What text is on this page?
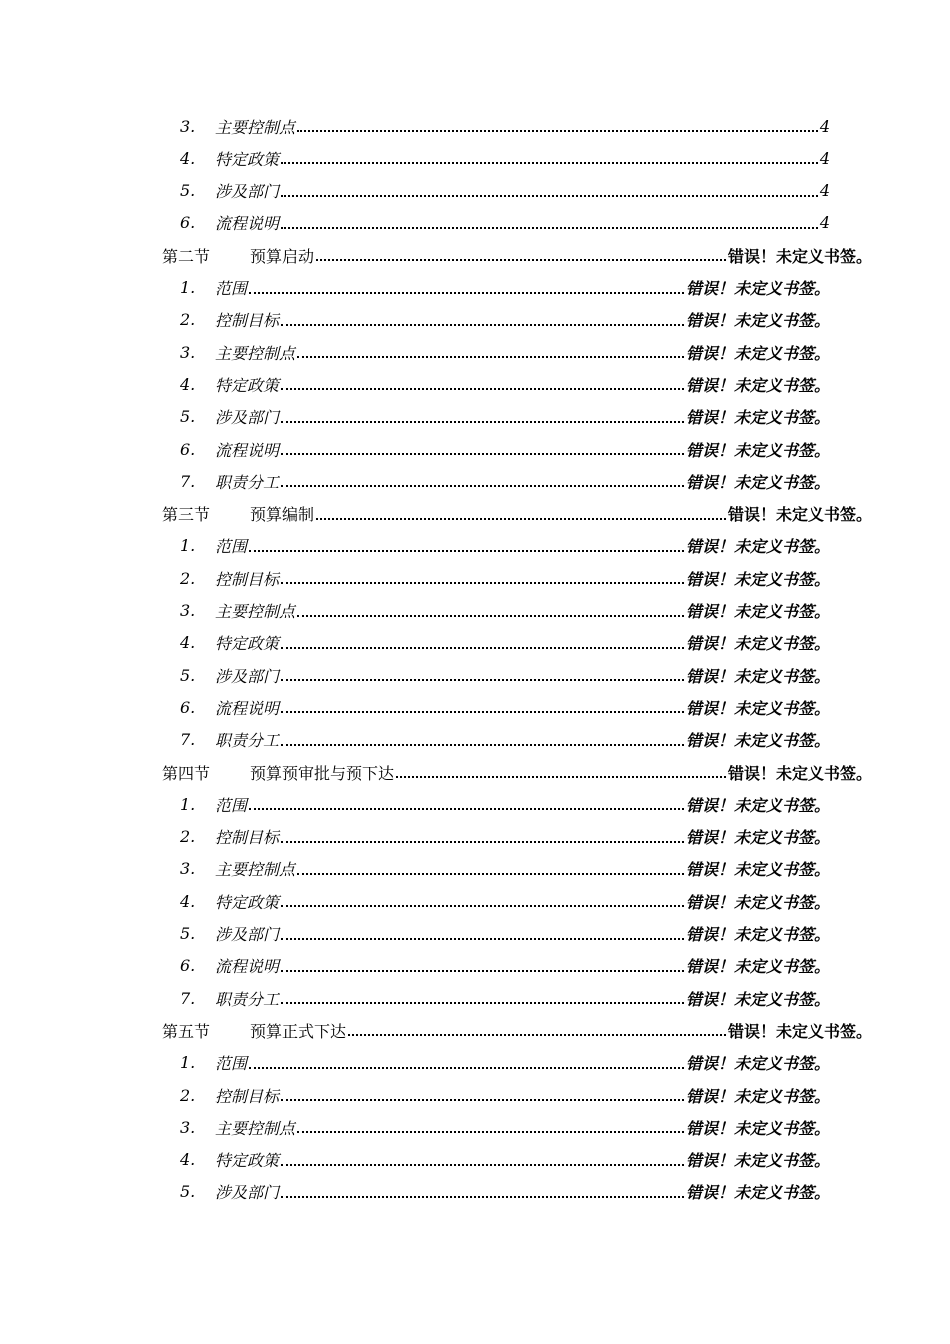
3.	主要控制点	4
4.	特定政策	4
5.	涉及部门	4
6.	流程说明	4
第二节	预算启动	错误！未定义书签。
1.	范围	错误！未定义书签。
2.	控制目标	错误！未定义书签。
3.	主要控制点	错误！未定义书签。
4.	特定政策	错误！未定义书签。
5.	涉及部门	错误！未定义书签。
6.	流程说明	错误！未定义书签。
7.	职责分工	错误！未定义书签。
第三节	预算编制	错误！未定义书签。
1.	范围	错误！未定义书签。
2.	控制目标	错误！未定义书签。
3.	主要控制点	错误！未定义书签。
4.	特定政策	错误！未定义书签。
5.	涉及部门	错误！未定义书签。
6.	流程说明	错误！未定义书签。
7.	职责分工	错误！未定义书签。
第四节	预算预审批与预下达	错误！未定义书签。
1.	范围	错误！未定义书签。
2.	控制目标	错误！未定义书签。
3.	主要控制点	错误！未定义书签。
4.	特定政策	错误！未定义书签。
5.	涉及部门	错误！未定义书签。
6.	流程说明	错误！未定义书签。
7.	职责分工	错误！未定义书签。
第五节	预算正式下达	错误！未定义书签。
1.	范围	错误！未定义书签。
2.	控制目标	错误！未定义书签。
3.	主要控制点	错误！未定义书签。
4.	特定政策	错误！未定义书签。
5.	涉及部门	错误！未定义书签。
